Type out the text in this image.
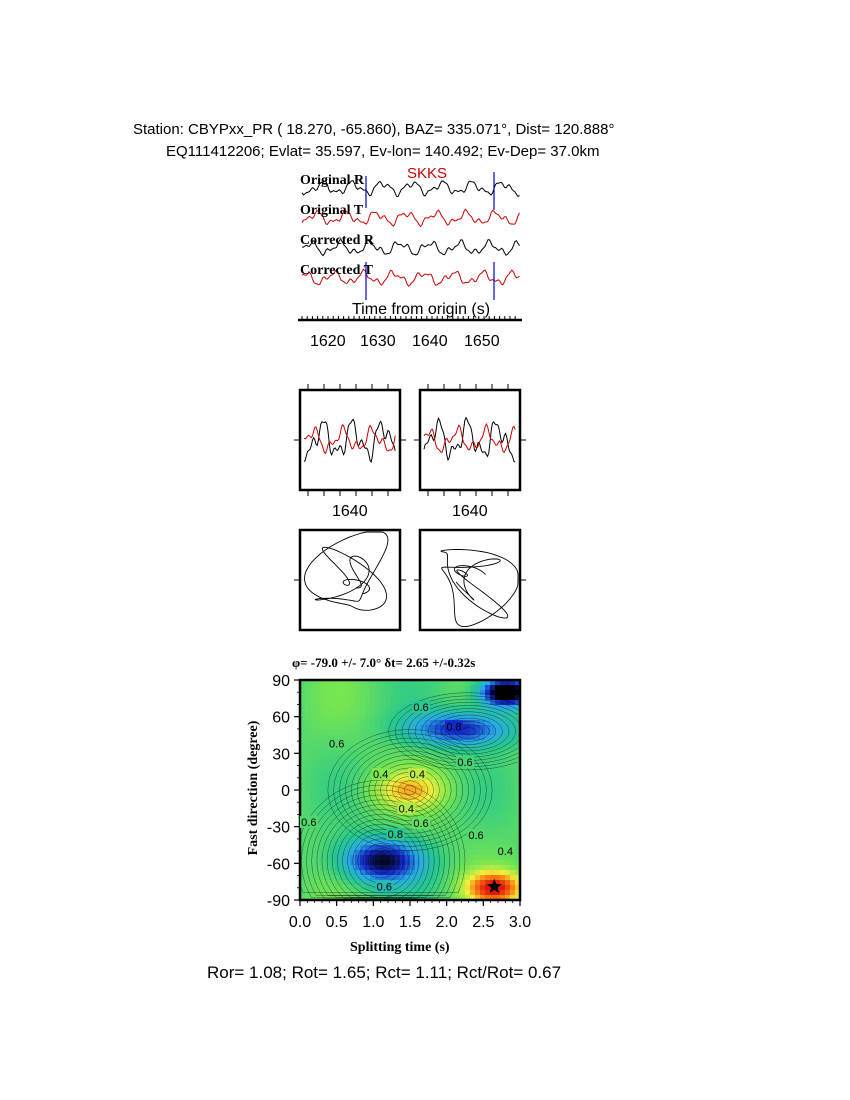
Station: CBYPxx_PR ( 18.270, -65.860), BAZ= 335.071°, Dist= 120.888°
EQ111412206; Evlat= 35.597, Ev-lon= 140.492; Ev-Dep= 37.0km
0.6
0.8
0.6
0.6
0.4 0.4
0.4
0.6	0.6
0.8	0.6
0.4
0.6
0.0 0.5 1.0 1.5 2.0 2.5 3.0
90
60
30
0
-30
-60
-90
SKKS
Original R
Original T
Corrected R
Corrected T
Time from origin (s)
1620 1630 1640 1650
1640	1640
φ= -79.0 +/- 7.0° δt= 2.65 +/-0.32s
Splitting time (s)
Fast direction (degree)
Ror= 1.08; Rot= 1.65; Rct= 1.11; Rct/Rot= 0.67
